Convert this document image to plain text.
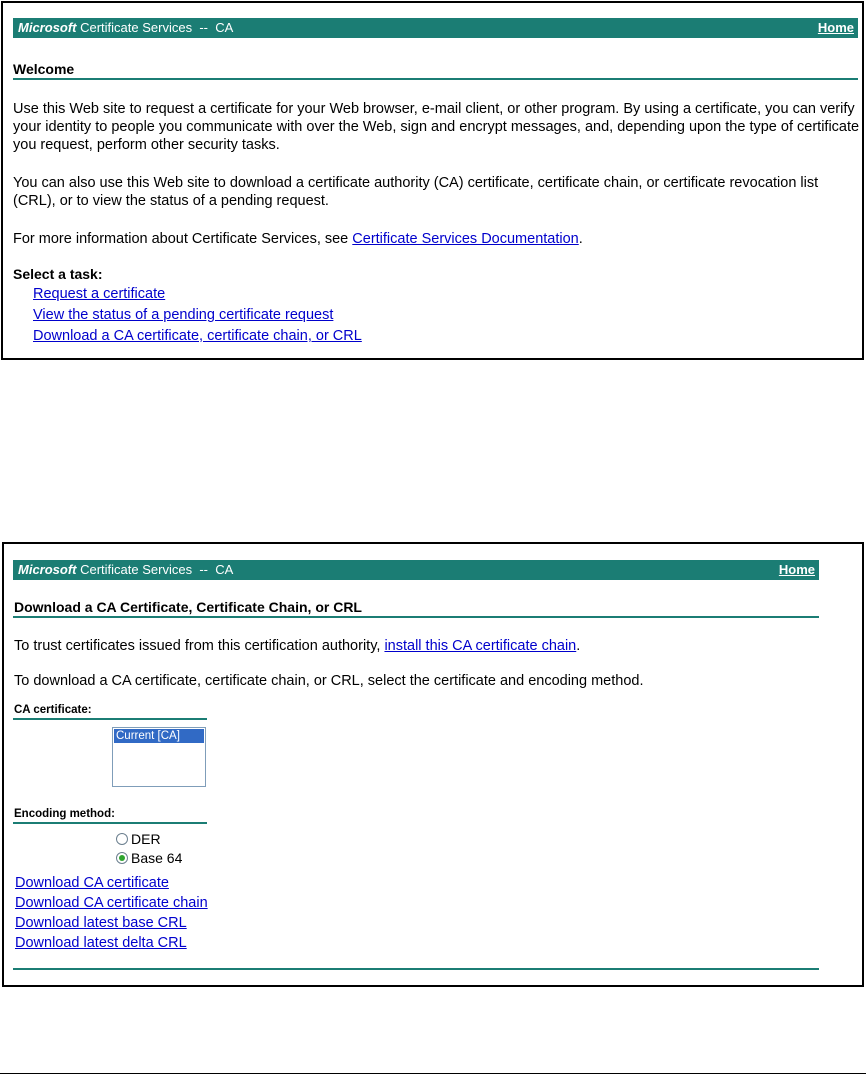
Microsoft Certificate Services  --  CA	Home
Welcome
Use this Web site to request a certificate for your Web browser, e-mail client, or other program. By using a certificate, you can verify your identity to people you communicate with over the Web, sign and encrypt messages, and, depending upon the type of certificate you request, perform other security tasks.
You can also use this Web site to download a certificate authority (CA) certificate, certificate chain, or certificate revocation list (CRL), or to view the status of a pending request.
For more information about Certificate Services, see Certificate Services Documentation.
Select a task:
Request a certificate
View the status of a pending certificate request
Download a CA certificate, certificate chain, or CRL
Microsoft Certificate Services  --  CA	Home
Download a CA Certificate, Certificate Chain, or CRL
To trust certificates issued from this certification authority, install this CA certificate chain.
To download a CA certificate, certificate chain, or CRL, select the certificate and encoding method.
CA certificate:
Current [CA]
Encoding method:
DER
Base 64
Download CA certificate
Download CA certificate chain
Download latest base CRL
Download latest delta CRL
